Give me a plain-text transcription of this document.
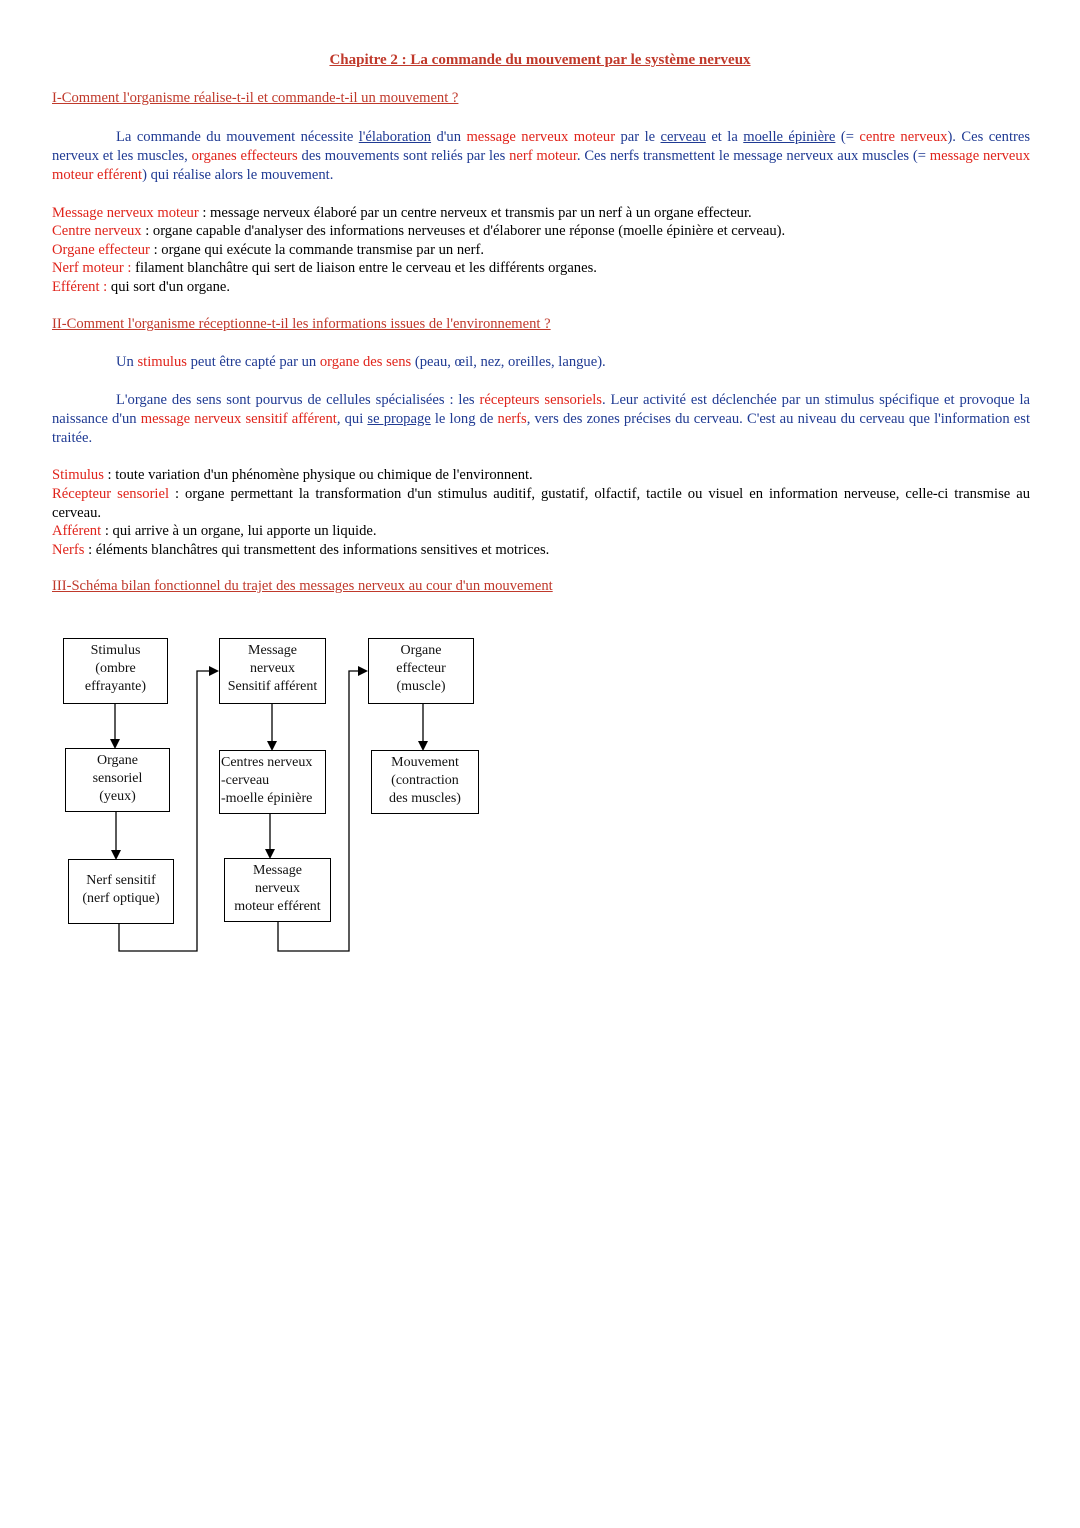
Chapitre 2 : La commande du mouvement par le système nerveux
I-Comment l'organisme réalise-t-il et commande-t-il un mouvement ?
La commande du mouvement nécessite l'élaboration d'un message nerveux moteur par le cerveau et la moelle épinière (= centre nerveux). Ces centres nerveux et les muscles, organes effecteurs des mouvements sont reliés par les nerf moteur. Ces nerfs transmettent le message nerveux aux muscles (= message nerveux moteur efférent) qui réalise alors le mouvement.
Message nerveux moteur : message nerveux élaboré par un centre nerveux et transmis par un nerf à un organe effecteur.
Centre nerveux : organe capable d'analyser des informations nerveuses et d'élaborer une réponse (moelle épinière et cerveau).
Organe effecteur : organe qui exécute la commande transmise par un nerf.
Nerf moteur : filament blanchâtre qui sert de liaison entre le cerveau et les différents organes.
Efférent : qui sort d'un organe.
II-Comment l'organisme réceptionne-t-il les informations issues de l'environnement ?
Un stimulus peut être capté par un organe des sens (peau, œil, nez, oreilles, langue).
L'organe des sens sont pourvus de cellules spécialisées : les récepteurs sensoriels. Leur activité est déclenchée par un stimulus spécifique et provoque la naissance d'un message nerveux sensitif afférent, qui se propage le long de nerfs, vers des zones précises du cerveau. C'est au niveau du cerveau que l'information est traitée.
Stimulus : toute variation d'un phénomène physique ou chimique de l'environnent.
Récepteur sensoriel : organe permettant la transformation d'un stimulus auditif, gustatif, olfactif, tactile ou visuel en information nerveuse, celle-ci transmise au cerveau.
Afférent : qui arrive à un organe, lui apporte un liquide.
Nerfs : éléments blanchâtres qui transmettent des informations sensitives et motrices.
III-Schéma bilan fonctionnel du trajet des messages nerveux au cour d'un mouvement
Stimulus
(ombre
effrayante)
Organe
sensoriel
(yeux)
Nerf sensitif
(nerf optique)
Message
nerveux
Sensitif afférent
Centres nerveux
-cerveau
-moelle épinière
Message
nerveux
moteur efférent
Organe
effecteur
(muscle)
Mouvement
(contraction
des muscles)
